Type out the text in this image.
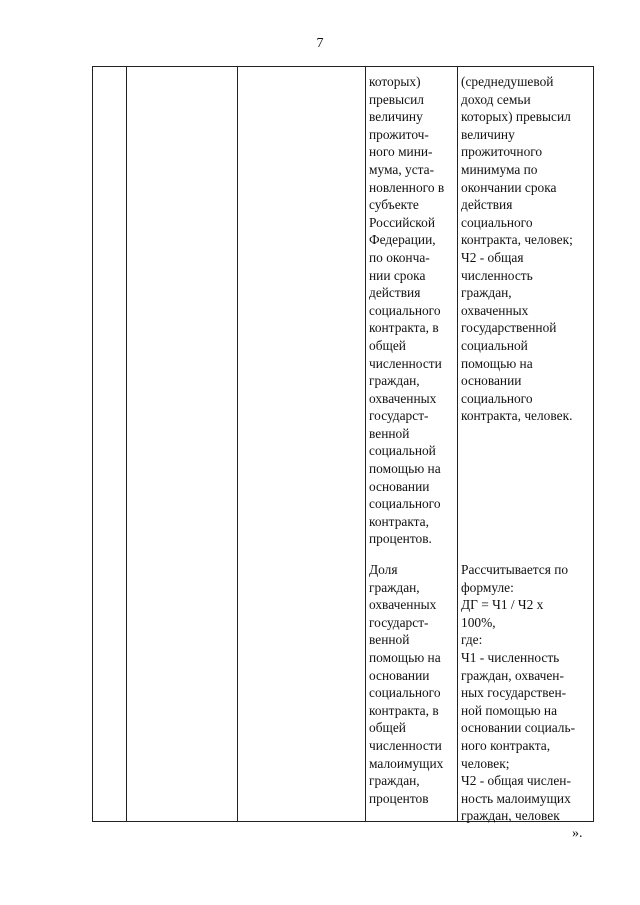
7

которых)
превысил
величину
прожиточ-
ного мини-
мума, уста-
новленного в
субъекте
Российской
Федерации,
по оконча-
нии срока
действия
социального
контракта, в
общей
численности
граждан,
охваченных
государст-
венной
социальной
помощью на
основании
социального
контракта,
процентов.

(среднедушевой
доход семьи
которых) превысил
величину
прожиточного
минимума по
окончании срока
действия
социального
контракта, человек;
Ч2 - общая
численность
граждан,
охваченных
государственной
социальной
помощью на
основании
социального
контракта, человек.

Доля
граждан,
охваченных
государст-
венной
помощью на
основании
социального
контракта, в
общей
численности
малоимущих
граждан,
процентов

Рассчитывается по
формуле:
ДГ = Ч1 / Ч2 х
100%,
где:
Ч1 - численность
граждан, охвачен-
ных государствен-
ной помощью на
основании социаль-
ного контракта,
человек;
Ч2 - общая числен-
ность малоимущих
граждан, человек

».
